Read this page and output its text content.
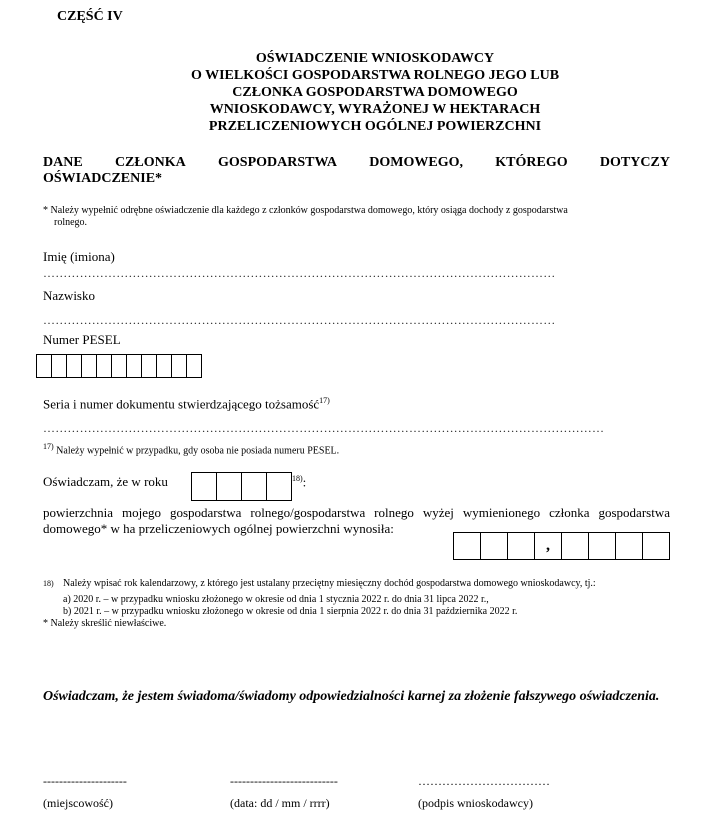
CZĘŚĆ IV
OŚWIADCZENIE WNIOSKODAWCY
O WIELKOŚCI GOSPODARSTWA ROLNEGO JEGO LUB
CZŁONKA GOSPODARSTWA DOMOWEGO
WNIOSKODAWCY, WYRAŻONEJ W HEKTARACH
PRZELICZENIOWYCH OGÓLNEJ POWIERZCHNI
DANE CZŁONKA GOSPODARSTWA DOMOWEGO, KTÓREGO DOTYCZY
OŚWIADCZENIE*
* Należy wypełnić odrębne oświadczenie dla każdego z członków gospodarstwa domowego, który osiąga dochody z gospodarstwa
rolnego.
Imię (imiona)
………………………………………………………………………………………………………………
Nazwisko
………………………………………………………………………………………………………………
Numer PESEL
Seria i numer dokumentu stwierdzającego tożsamość$^{17)}$
…………………………………………………………………………………………………………………………
$^{17)}$ Należy wypełnić w przypadku, gdy osoba nie posiada numeru PESEL.
Oświadczam, że w roku	$^{18)}$:
powierzchnia mojego gospodarstwa rolnego/gospodarstwa rolnego wyżej wymienionego członka gospodarstwa domowego* w ha przeliczeniowych ogólnej powierzchni wynosiła:
,
$^{18)}$ Należy wpisać rok kalendarzowy, z którego jest ustalany przeciętny miesięczny dochód gospodarstwa domowego wnioskodawcy, tj.:
a) 2020 r. – w przypadku wniosku złożonego w okresie od dnia 1 stycznia 2022 r. do dnia 31 lipca 2022 r.,
b) 2021 r. – w przypadku wniosku złożonego w okresie od dnia 1 sierpnia 2022 r. do dnia 31 października 2022 r.
* Należy skreślić niewłaściwe.
Oświadczam, że jestem świadoma/świadomy odpowiedzialności karnej za złożenie fałszywego oświadczenia.
---------------------	---------------------------	……………………………
(miejscowość)	(data: dd / mm / rrrr)	(podpis wnioskodawcy)
